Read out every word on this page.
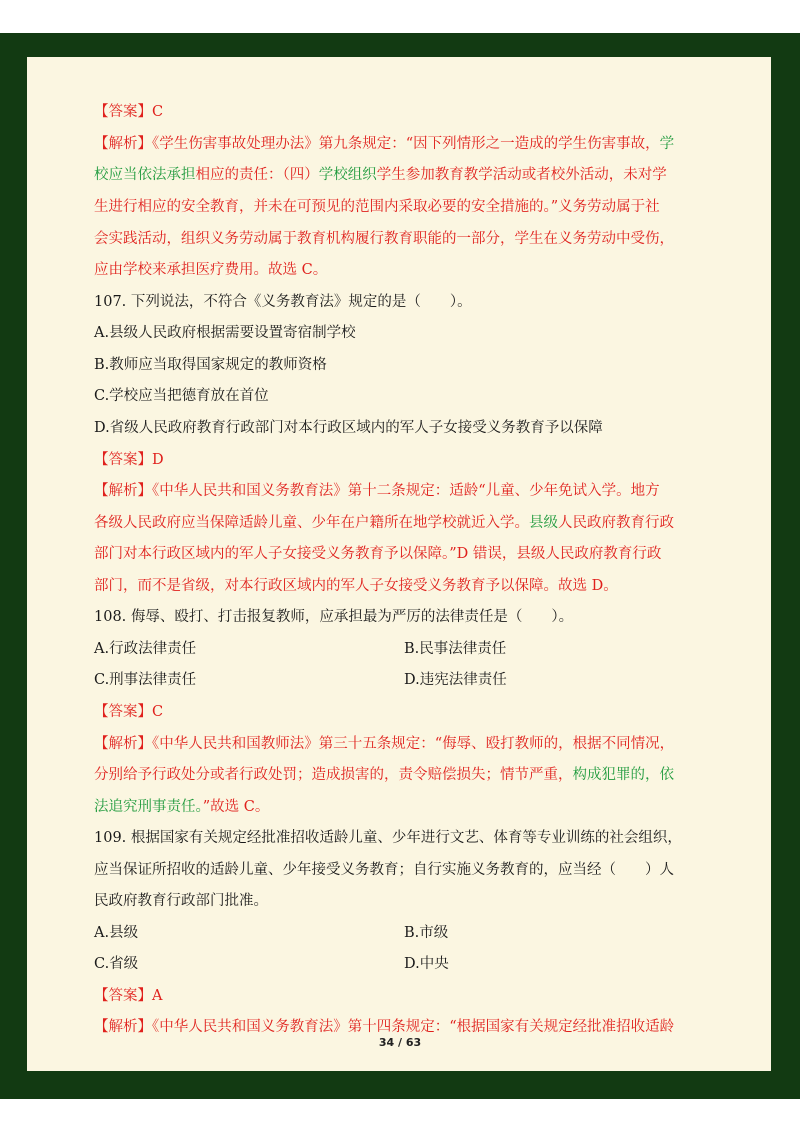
【答案】C
【解析】《学生伤害事故处理办法》第九条规定：“因下列情形之一造成的学生伤害事故，学
校应当依法承担相应的责任：（四）学校组织学生参加教育教学活动或者校外活动，未对学
生进行相应的安全教育，并未在可预见的范围内采取必要的安全措施的。”义务劳动属于社
会实践活动，组织义务劳动属于教育机构履行教育职能的一部分，学生在义务劳动中受伤，
应由学校来承担医疗费用。故选 C。
107. 下列说法，不符合《义务教育法》规定的是（　　）。
A.县级人民政府根据需要设置寄宿制学校
B.教师应当取得国家规定的教师资格
C.学校应当把德育放在首位
D.省级人民政府教育行政部门对本行政区域内的军人子女接受义务教育予以保障
【答案】D
【解析】《中华人民共和国义务教育法》第十二条规定：适龄“儿童、少年免试入学。地方
各级人民政府应当保障适龄儿童、少年在户籍所在地学校就近入学。县级人民政府教育行政
部门对本行政区域内的军人子女接受义务教育予以保障。”D 错误，县级人民政府教育行政
部门，而不是省级，对本行政区域内的军人子女接受义务教育予以保障。故选 D。
108. 侮辱、殴打、打击报复教师，应承担最为严厉的法律责任是（　　）。
A.行政法律责任	B.民事法律责任
C.刑事法律责任	D.违宪法律责任
【答案】C
【解析】《中华人民共和国教师法》第三十五条规定：“侮辱、殴打教师的，根据不同情况，
分别给予行政处分或者行政处罚；造成损害的，责令赔偿损失；情节严重，构成犯罪的，依
法追究刑事责任。”故选 C。
109. 根据国家有关规定经批准招收适龄儿童、少年进行文艺、体育等专业训练的社会组织，
应当保证所招收的适龄儿童、少年接受义务教育；自行实施义务教育的，应当经（　　）人
民政府教育行政部门批准。
A.县级	B.市级
C.省级	D.中央
【答案】A
【解析】《中华人民共和国义务教育法》第十四条规定：“根据国家有关规定经批准招收适龄
34 / 63
